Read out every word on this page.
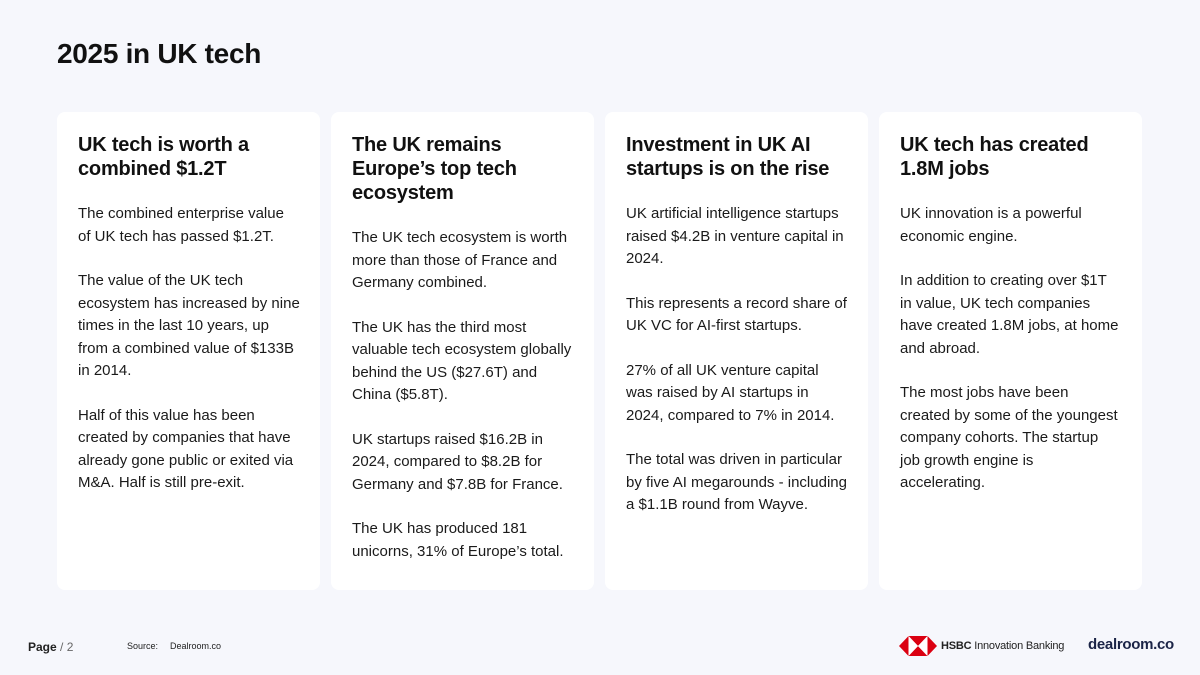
2025 in UK tech
UK tech is worth a combined $1.2T

The combined enterprise value of UK tech has passed $1.2T.

The value of the UK tech ecosystem has increased by nine times in the last 10 years, up from a combined value of $133B in 2014.

Half of this value has been created by companies that have already gone public or exited via M&A. Half is still pre-exit.

The UK remains Europe’s top tech ecosystem

The UK tech ecosystem is worth more than those of France and Germany combined.

The UK has the third most valuable tech ecosystem globally behind the US ($27.6T) and China ($5.8T).

UK startups raised $16.2B in 2024, compared to $8.2B for Germany and $7.8B for France.

The UK has produced 181 unicorns, 31% of Europe’s total.

Investment in UK AI startups is on the rise

UK artificial intelligence startups raised $4.2B in venture capital in 2024.

This represents a record share of UK VC for AI-first startups.

27% of all UK venture capital was raised by AI startups in 2024, compared to 7% in 2014.

The total was driven in particular by five AI megarounds - including a $1.1B round from Wayve.

UK tech has created 1.8M jobs

UK innovation is a powerful economic engine.

In addition to creating over $1T in value, UK tech companies have created 1.8M jobs, at home and abroad.

The most jobs have been created by some of the youngest company cohorts. The startup job growth engine is accelerating.

Page / 2	Source: Dealroom.co	HSBC Innovation Banking dealroom.co
